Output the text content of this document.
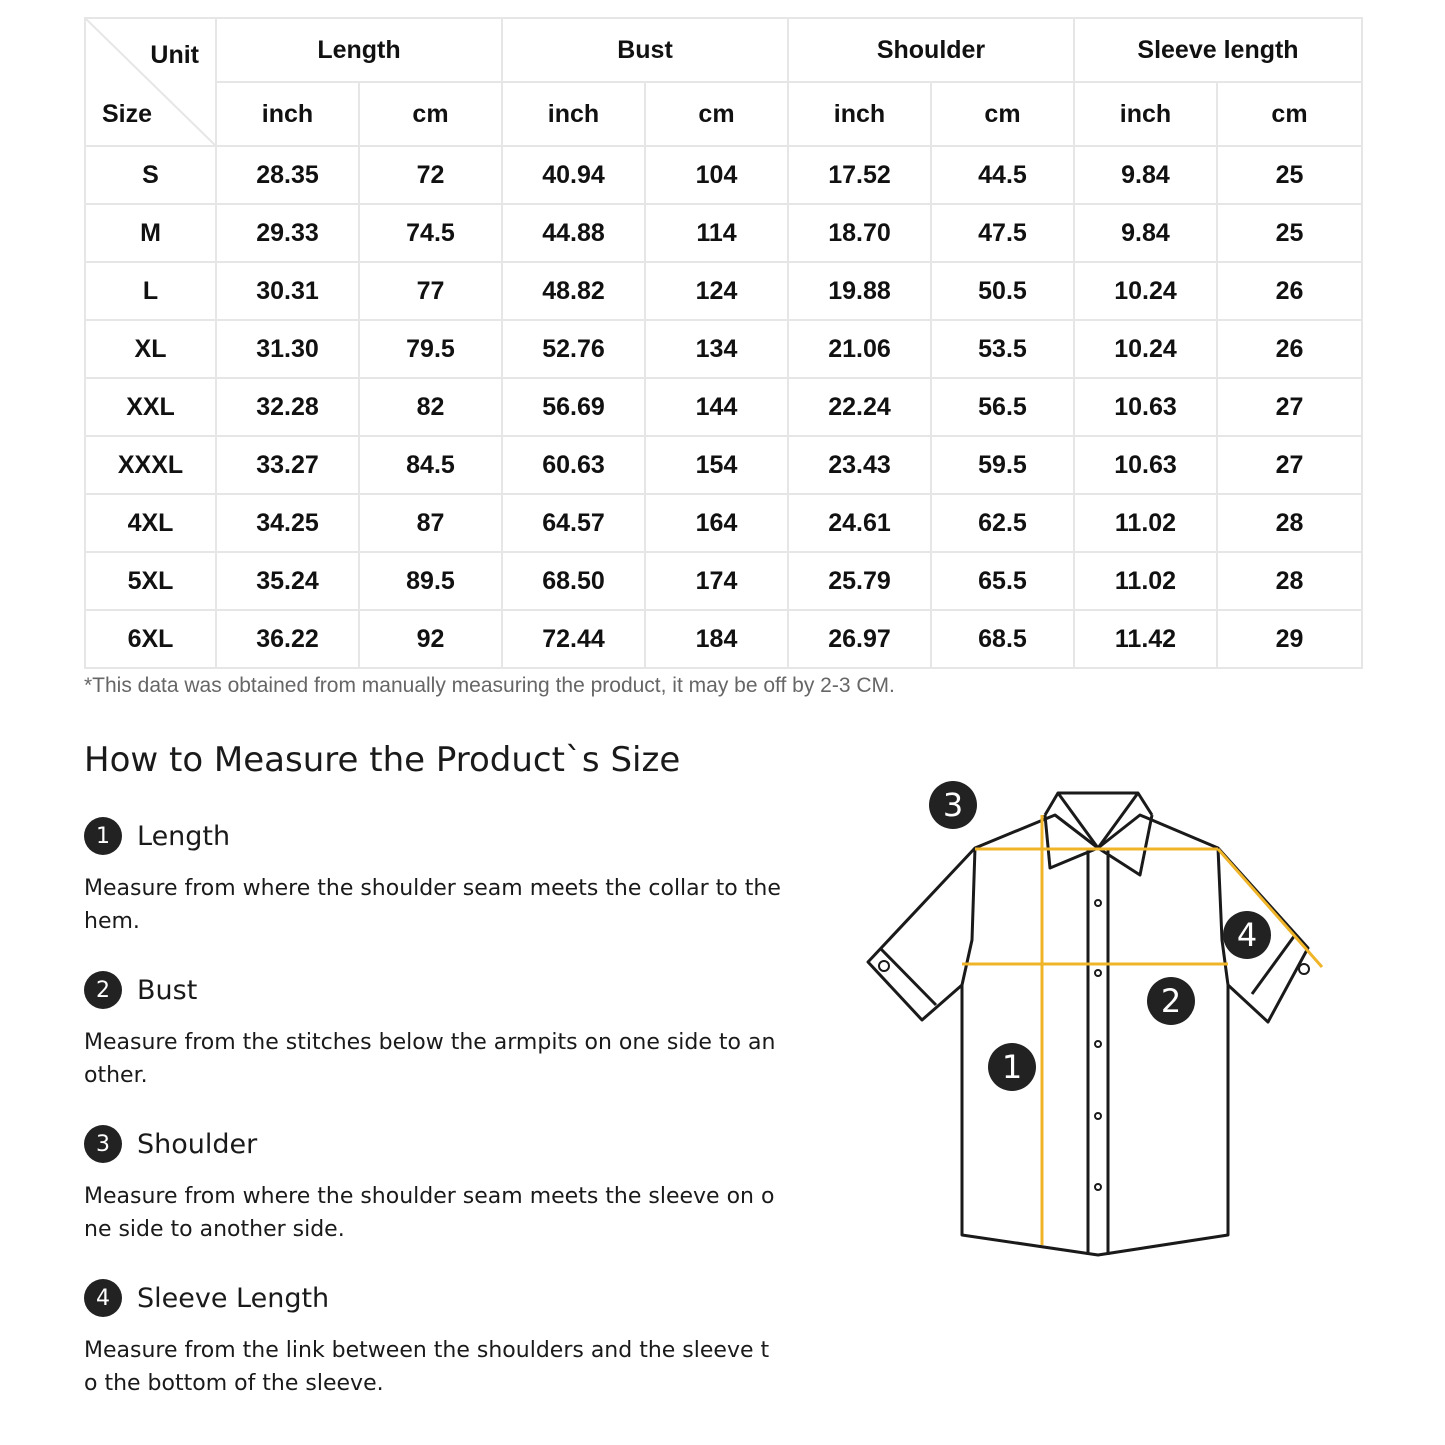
Unit
Size	Length		Bust		Shoulder		Sleeve length	
	inch	cm	inch	cm	inch	cm	inch	cm
S	28.35	72	40.94	104	17.52	44.5	9.84	25
M	29.33	74.5	44.88	114	18.70	47.5	9.84	25
L	30.31	77	48.82	124	19.88	50.5	10.24	26
XL	31.30	79.5	52.76	134	21.06	53.5	10.24	26
XXL	32.28	82	56.69	144	22.24	56.5	10.63	27
XXXL	33.27	84.5	60.63	154	23.43	59.5	10.63	27
4XL	34.25	87	64.57	164	24.61	62.5	11.02	28
5XL	35.24	89.5	68.50	174	25.79	65.5	11.02	28
6XL	36.22	92	72.44	184	26.97	68.5	11.42	29
*This data was obtained from manually measuring the product, it may be off by 2-3 CM.
How to Measure the Product`s Size
1	Length
Measure from where the shoulder seam meets the collar to the hem.
2	Bust
Measure from the stitches below the armpits on one side to an other.
3	Shoulder
Measure from where the shoulder seam meets the sleeve on o ne side to another side.
4	Sleeve Length
Measure from the link between the shoulders and the sleeve t o the bottom of the sleeve.
3
4
2
1
